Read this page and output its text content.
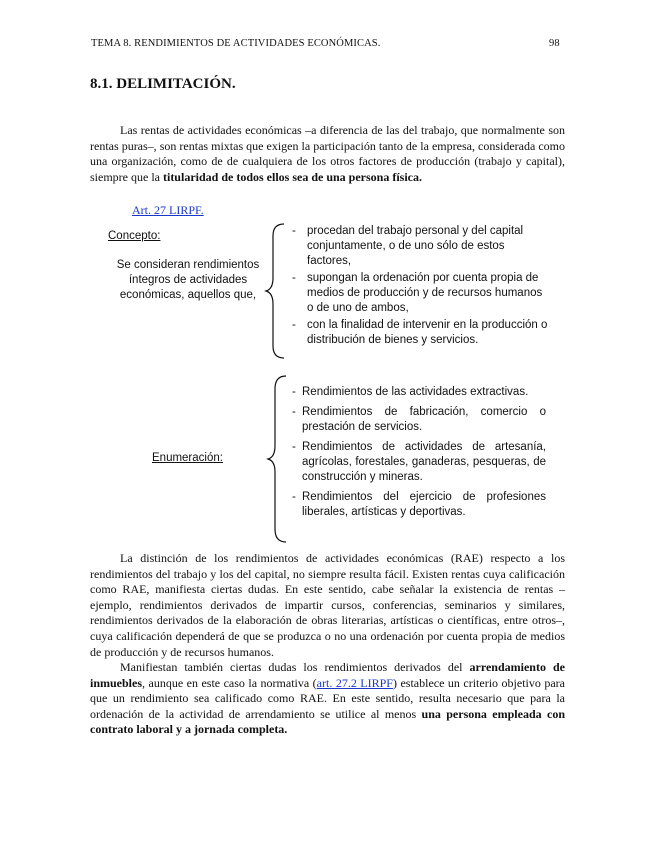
TEMA 8. RENDIMIENTOS DE ACTIVIDADES ECONÓMICAS.	98
8.1. DELIMITACIÓN.

Las rentas de actividades económicas –a diferencia de las del trabajo, que normalmente son rentas puras–, son rentas mixtas que exigen la participación tanto de la empresa, considerada como una organización, como de de cualquiera de los otros factores de producción (trabajo y capital), siempre que la titularidad de todos ellos sea de una persona física.

Art. 27 LIRPF.
Concepto:
Se consideran rendimientos íntegros de actividades económicas, aquellos que,
- procedan del trabajo personal y del capital conjuntamente, o de uno sólo de estos factores,
- supongan la ordenación por cuenta propia de medios de producción y de recursos humanos o de uno de ambos,
- con la finalidad de intervenir en la producción o distribución de bienes y servicios.
Enumeración:
- Rendimientos de las actividades extractivas.
- Rendimientos de fabricación, comercio o prestación de servicios.
- Rendimientos de actividades de artesanía, agrícolas, forestales, ganaderas, pesqueras, de construcción y mineras.
- Rendimientos del ejercicio de profesiones liberales, artísticas y deportivas.

La distinción de los rendimientos de actividades económicas (RAE) respecto a los rendimientos del trabajo y los del capital, no siempre resulta fácil. Existen rentas cuya calificación como RAE, manifiesta ciertas dudas. En este sentido, cabe señalar la existencia de rentas –ejemplo, rendimientos derivados de impartir cursos, conferencias, seminarios y similares, rendimientos derivados de la elaboración de obras literarias, artísticas o científicas, entre otros–, cuya calificación dependerá de que se produzca o no una ordenación por cuenta propia de medios de producción y de recursos humanos.

Manifiestan también ciertas dudas los rendimientos derivados del arrendamiento de inmuebles, aunque en este caso la normativa (art. 27.2 LIRPF) establece un criterio objetivo para que un rendimiento sea calificado como RAE. En este sentido, resulta necesario que para la ordenación de la actividad de arrendamiento se utilice al menos una persona empleada con contrato laboral y a jornada completa.
